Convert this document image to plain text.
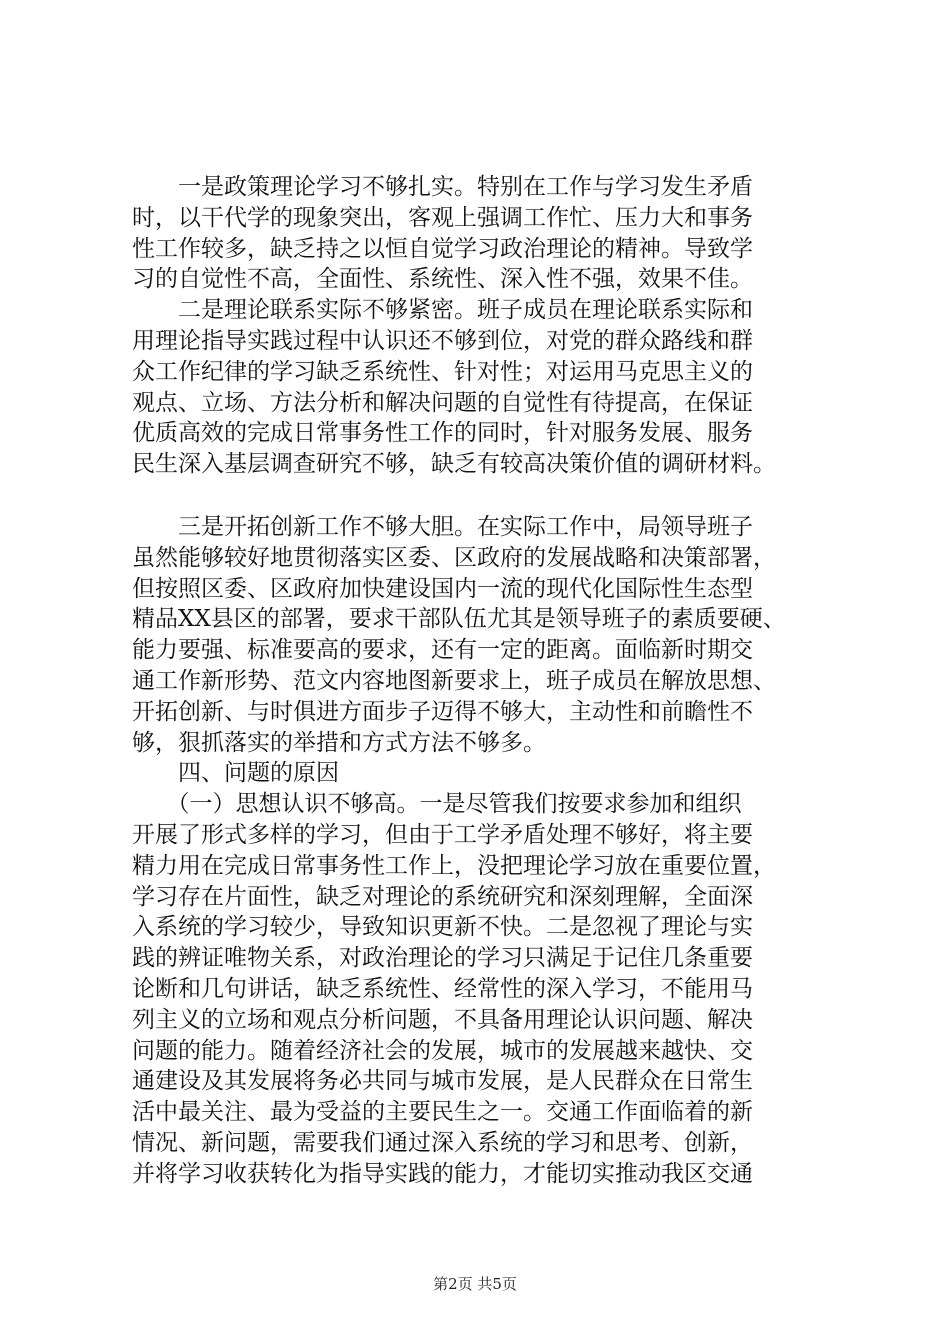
　　一是政策理论学习不够扎实。特别在工作与学习发生矛盾
时，以干代学的现象突出，客观上强调工作忙、压力大和事务
性工作较多，缺乏持之以恒自觉学习政治理论的精神。导致学
习的自觉性不高，全面性、系统性、深入性不强，效果不佳。
　　二是理论联系实际不够紧密。班子成员在理论联系实际和
用理论指导实践过程中认识还不够到位，对党的群众路线和群
众工作纪律的学习缺乏系统性、针对性；对运用马克思主义的
观点、立场、方法分析和解决问题的自觉性有待提高，在保证
优质高效的完成日常事务性工作的同时，针对服务发展、服务
民生深入基层调查研究不够，缺乏有较高决策价值的调研材料。
　　三是开拓创新工作不够大胆。在实际工作中，局领导班子
虽然能够较好地贯彻落实区委、区政府的发展战略和决策部署，
但按照区委、区政府加快建设国内一流的现代化国际性生态型
精品XX县区的部署，要求干部队伍尤其是领导班子的素质要硬、
能力要强、标准要高的要求，还有一定的距离。面临新时期交
通工作新形势、范文内容地图新要求上，班子成员在解放思想、
开拓创新、与时俱进方面步子迈得不够大，主动性和前瞻性不
够，狠抓落实的举措和方式方法不够多。
　　四、问题的原因
　　（一）思想认识不够高。一是尽管我们按要求参加和组织
开展了形式多样的学习，但由于工学矛盾处理不够好，将主要
精力用在完成日常事务性工作上，没把理论学习放在重要位置，
学习存在片面性，缺乏对理论的系统研究和深刻理解，全面深
入系统的学习较少，导致知识更新不快。二是忽视了理论与实
践的辨证唯物关系，对政治理论的学习只满足于记住几条重要
论断和几句讲话，缺乏系统性、经常性的深入学习，不能用马
列主义的立场和观点分析问题，不具备用理论认识问题、解决
问题的能力。随着经济社会的发展，城市的发展越来越快、交
通建设及其发展将务必共同与城市发展，是人民群众在日常生
活中最关注、最为受益的主要民生之一。交通工作面临着的新
情况、新问题，需要我们通过深入系统的学习和思考、创新，
并将学习收获转化为指导实践的能力，才能切实推动我区交通
第2页 共5页
